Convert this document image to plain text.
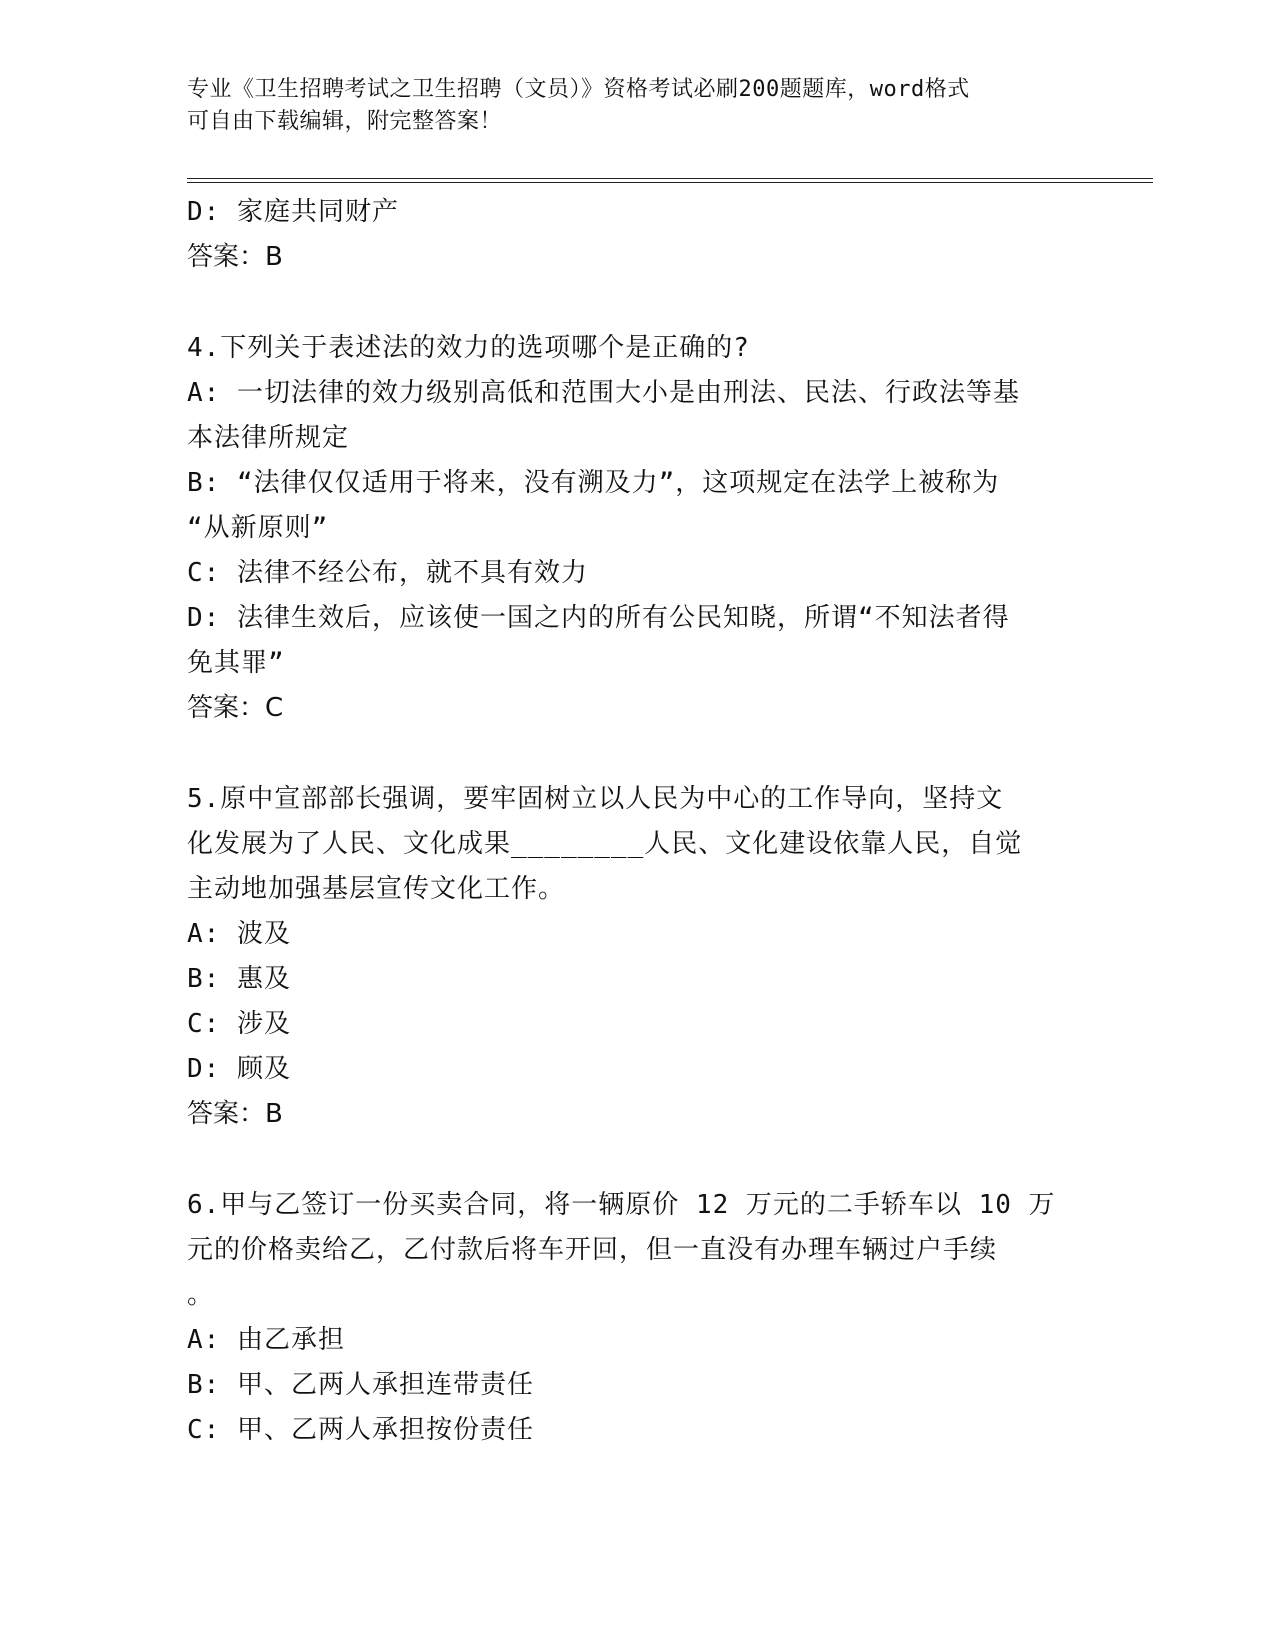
专业《卫生招聘考试之卫生招聘（文员）》资格考试必刷200题题库，word格式
可自由下载编辑，附完整答案！
D: 家庭共同财产
答案：B
4.下列关于表述法的效力的选项哪个是正确的?
A: 一切法律的效力级别高低和范围大小是由刑法、民法、行政法等基
本法律所规定
B: “法律仅仅适用于将来，没有溯及力”，这项规定在法学上被称为
“从新原则”
C: 法律不经公布，就不具有效力
D: 法律生效后，应该使一国之内的所有公民知晓，所谓“不知法者得
免其罪”
答案：C
5.原中宣部部长强调，要牢固树立以人民为中心的工作导向，坚持文
化发展为了人民、文化成果________人民、文化建设依靠人民，自觉
主动地加强基层宣传文化工作。
A: 波及
B: 惠及
C: 涉及
D: 顾及
答案：B
6.甲与乙签订一份买卖合同，将一辆原价 12 万元的二手轿车以 10 万
元的价格卖给乙，乙付款后将车开回，但一直没有办理车辆过户手续
。
A: 由乙承担
B: 甲、乙两人承担连带责任
C: 甲、乙两人承担按份责任
